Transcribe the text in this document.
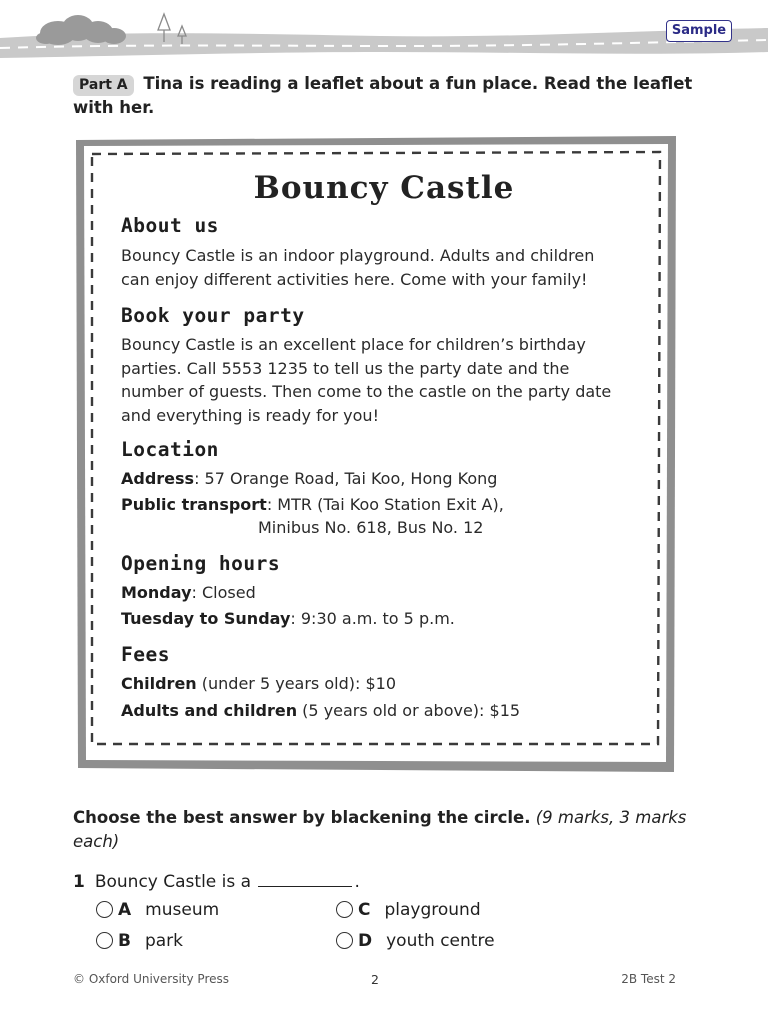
Sample
Part A Tina is reading a leaflet about a fun place. Read the leaflet with her.
Bouncy Castle
About us
Bouncy Castle is an indoor playground. Adults and children
can enjoy different activities here. Come with your family!
Book your party
Bouncy Castle is an excellent place for children’s birthday
parties. Call 5553 1235 to tell us the party date and the
number of guests. Then come to the castle on the party date
and everything is ready for you!
Location
Address: 57 Orange Road, Tai Koo, Hong Kong
Public transport: MTR (Tai Koo Station Exit A),
Minibus No. 618, Bus No. 12
Opening hours
Monday: Closed
Tuesday to Sunday: 9:30 a.m. to 5 p.m.
Fees
Children (under 5 years old): $10
Adults and children (5 years old or above): $15
Choose the best answer by blackening the circle. (9 marks, 3 marks each)
1 Bouncy Castle is a	.
A museum
B park
C playground
D youth centre
© Oxford University Press	2	2B Test 2
